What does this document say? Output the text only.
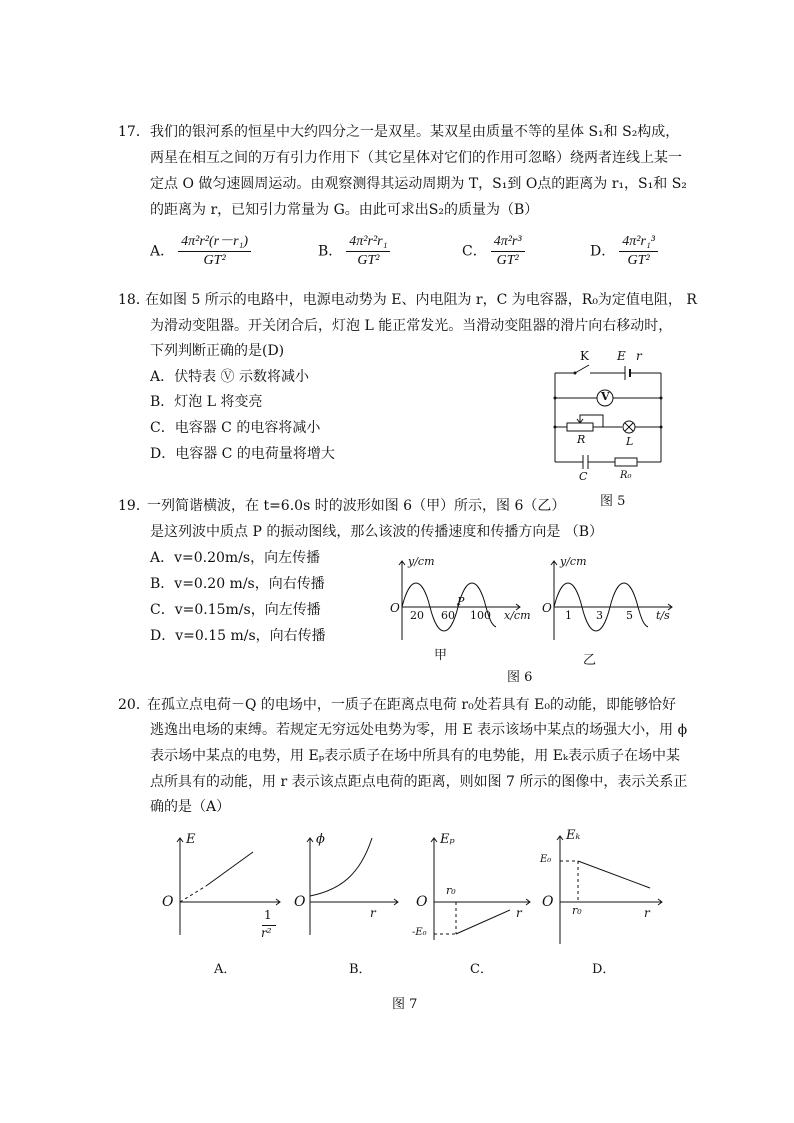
17． 我们的银河系的恒星中大约四分之一是双星。某双星由质量不等的星体 S₁和 S₂构成，
两星在相互之间的万有引力作用下（其它星体对它们的作用可忽略）绕两者连线上某一
定点 O 做匀速圆周运动。由观察测得其运动周期为 T，S₁到 O点的距离为 r₁，S₁和 S₂
的距离为 r，已知引力常量为 G。由此可求出S₂的质量为（B）
A． $\frac{\text{4π²r²(r－r₁)}}{\text{GT²}}$	B． $\frac{\text{4π²r²r₁}}{\text{GT²}}$	C． $\frac{\text{4π²r³}}{\text{GT²}}$	D． $\frac{\text{4π²r₁³}}{\text{GT²}}$
18．
在如图 5 所示的电路中，电源电动势为 E、内电阻为 r，C 为电容器，R₀为定值电阻， R
为滑动变阻器。开关闭合后，灯泡 L 能正常发光。当滑动变阻器的滑片向右移动时，
下列判断正确的是(D)
A．伏特表 Ⓥ 示数将减小
B．灯泡 L 将变亮
C．电容器 C 的电容将减小
D．电容器 C 的电荷量将增大
K E r
V
R	L
C	R₀
图 5
19．
一列简谐横波，在 t=6.0s 时的波形如图 6（甲）所示，图 6（乙）
是这列波中质点 P 的振动图线，那么该波的传播速度和传播方向是 （B）
A．v=0.20m/s，向左传播
B．v=0.20 m/s，向右传播
C．v=0.15m/s，向左传播
D．v=0.15 m/s，向右传播
y/cm
x/cm
O
20 60 100
P
甲
y/cm
t/s
O
1 3 5
乙
图 6
20．
在孤立点电荷－Q 的电场中，一质子在距离点电荷 r₀处若具有 E₀的动能，即能够恰好
逃逸出电场的束缚。若规定无穷远处电势为零，用 E 表示该场中某点的场强大小，用 ϕ
表示场中某点的电势，用 Eₚ表示质子在场中所具有的电势能，用 Eₖ表示质子在场中某
点所具有的动能，用 r 表示该点距点电荷的距离，则如图 7 所示的图像中，表示关系正
确的是（A）
E
O
1
r²
A．
ϕ
O
r
B．
Eₚ
O
r₀
-E₀
r
C．
Eₖ
O
E₀
r₀	r
D．
图 7
